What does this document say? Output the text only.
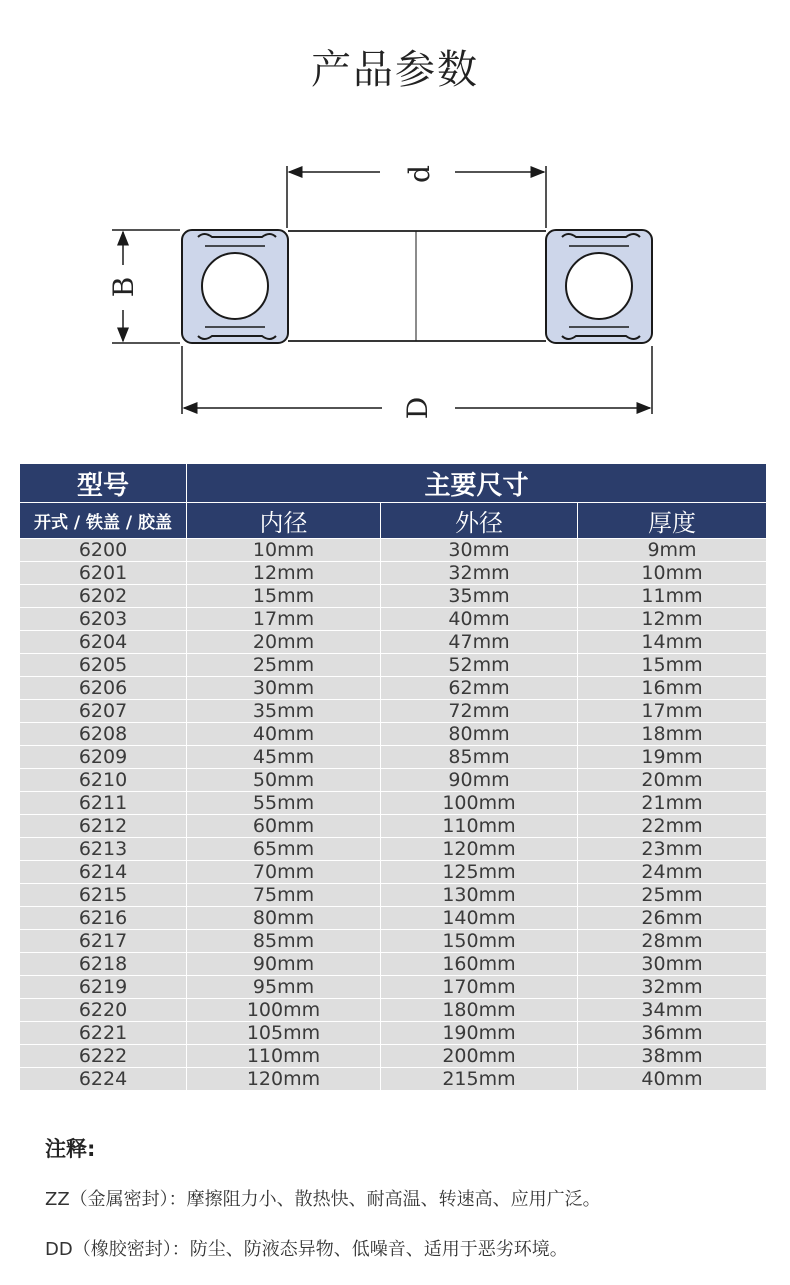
产品参数
d
B
D
型号	主要尺寸		
开式 / 铁盖 / 胶盖	内径	外径	厚度
6200	10mm	30mm	9mm
6201	12mm	32mm	10mm
6202	15mm	35mm	11mm
6203	17mm	40mm	12mm
6204	20mm	47mm	14mm
6205	25mm	52mm	15mm
6206	30mm	62mm	16mm
6207	35mm	72mm	17mm
6208	40mm	80mm	18mm
6209	45mm	85mm	19mm
6210	50mm	90mm	20mm
6211	55mm	100mm	21mm
6212	60mm	110mm	22mm
6213	65mm	120mm	23mm
6214	70mm	125mm	24mm
6215	75mm	130mm	25mm
6216	80mm	140mm	26mm
6217	85mm	150mm	28mm
6218	90mm	160mm	30mm
6219	95mm	170mm	32mm
6220	100mm	180mm	34mm
6221	105mm	190mm	36mm
6222	110mm	200mm	38mm
6224	120mm	215mm	40mm
注释:
ZZ（金属密封）：摩擦阻力小、散热快、耐高温、转速高、应用广泛。
DD（橡胶密封）：防尘、防液态异物、低噪音、适用于恶劣环境。
